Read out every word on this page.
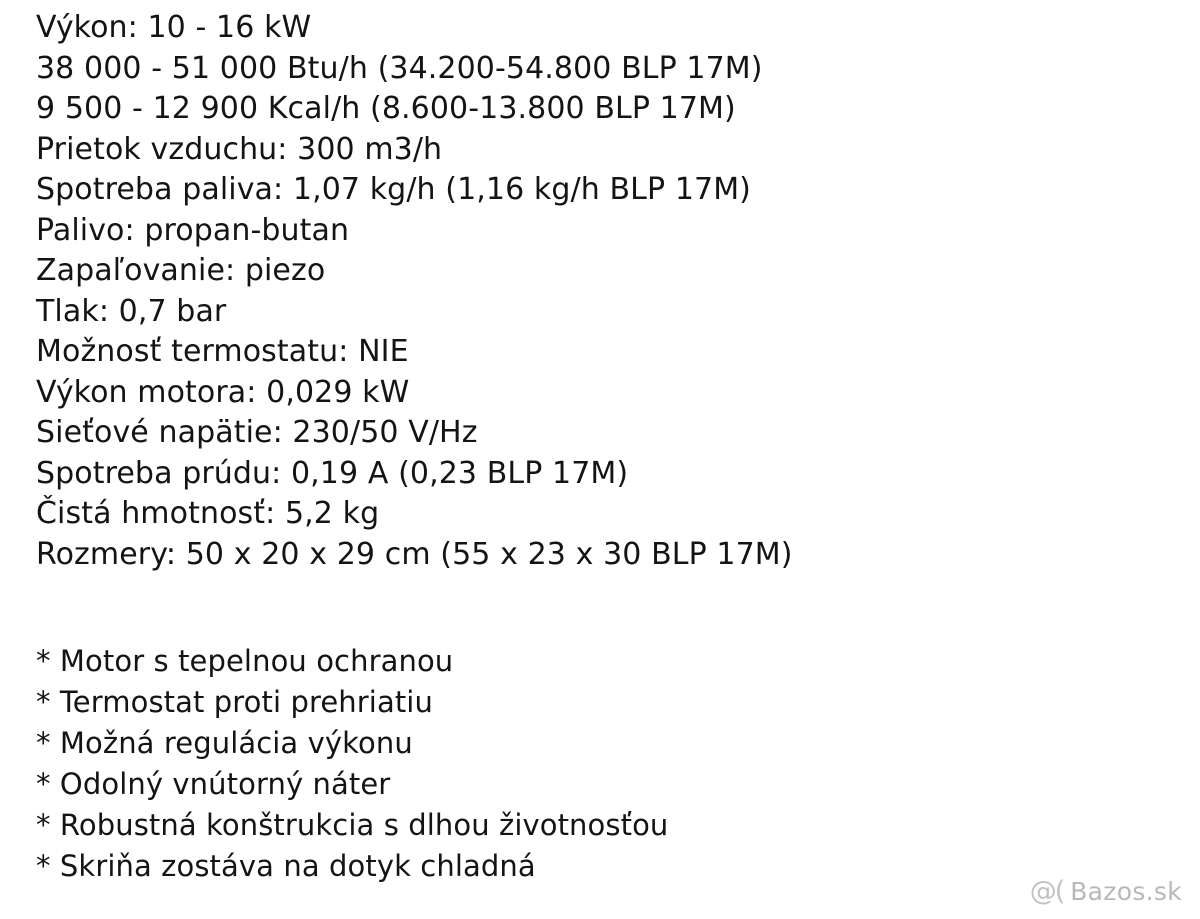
Výkon: 10 - 16 kW
38 000 - 51 000 Btu/h (34.200-54.800 BLP 17M)
9 500 - 12 900 Kcal/h (8.600-13.800 BLP 17M)
Prietok vzduchu: 300 m3/h
Spotreba paliva: 1,07 kg/h (1,16 kg/h BLP 17M)
Palivo: propan-butan
Zapaľovanie: piezo
Tlak: 0,7 bar
Možnosť termostatu: NIE
Výkon motora: 0,029 kW
Sieťové napätie: 230/50 V/Hz
Spotreba prúdu: 0,19 A (0,23 BLP 17M)
Čistá hmotnosť: 5,2 kg
Rozmery: 50 x 20 x 29 cm (55 x 23 x 30 BLP 17M)
* Motor s tepelnou ochranou
* Termostat proti prehriatiu
* Možná regulácia výkonu
* Odolný vnútorný náter
* Robustná konštrukcia s dlhou životnosťou
* Skriňa zostáva na dotyk chladná
@( Bazos.sk
